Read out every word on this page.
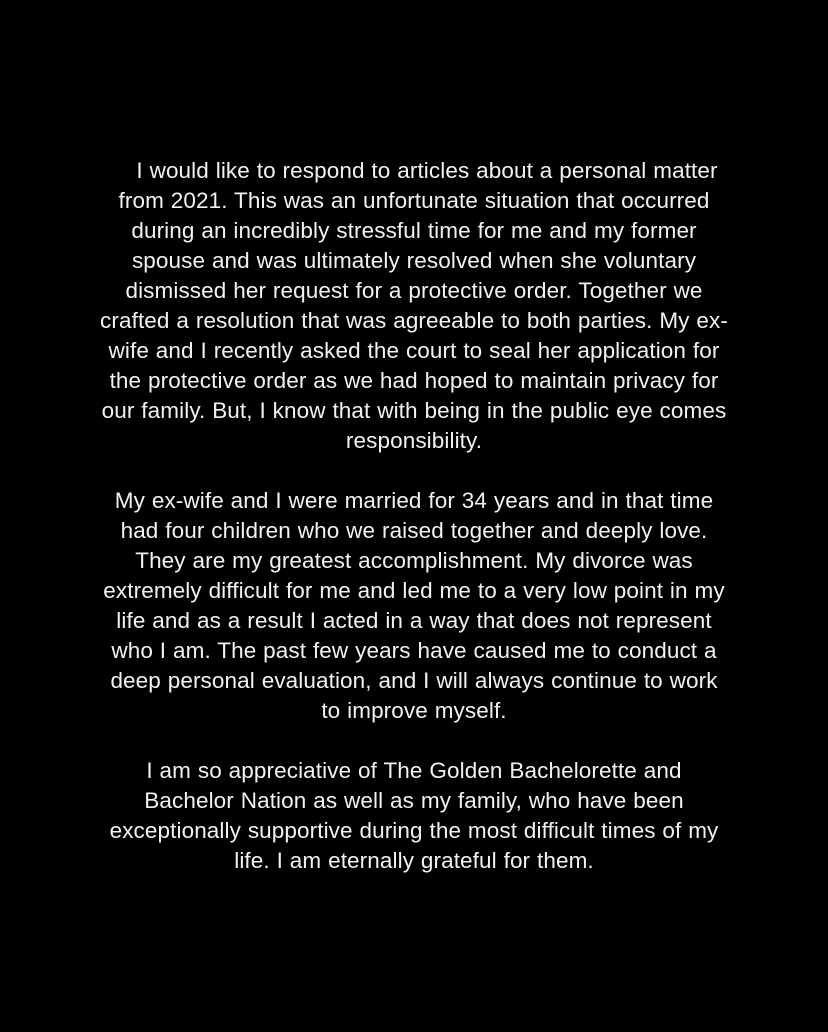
I would like to respond to articles about a personal matter from 2021. This was an unfortunate situation that occurred during an incredibly stressful time for me and my former spouse and was ultimately resolved when she voluntary dismissed her request for a protective order. Together we crafted a resolution that was agreeable to both parties. My ex-wife and I recently asked the court to seal her application for the protective order as we had hoped to maintain privacy for our family. But, I know that with being in the public eye comes responsibility.

My ex-wife and I were married for 34 years and in that time had four children who we raised together and deeply love. They are my greatest accomplishment. My divorce was extremely difficult for me and led me to a very low point in my life and as a result I acted in a way that does not represent who I am. The past few years have caused me to conduct a deep personal evaluation, and I will always continue to work to improve myself.

I am so appreciative of The Golden Bachelorette and Bachelor Nation as well as my family, who have been exceptionally supportive during the most difficult times of my life. I am eternally grateful for them.
